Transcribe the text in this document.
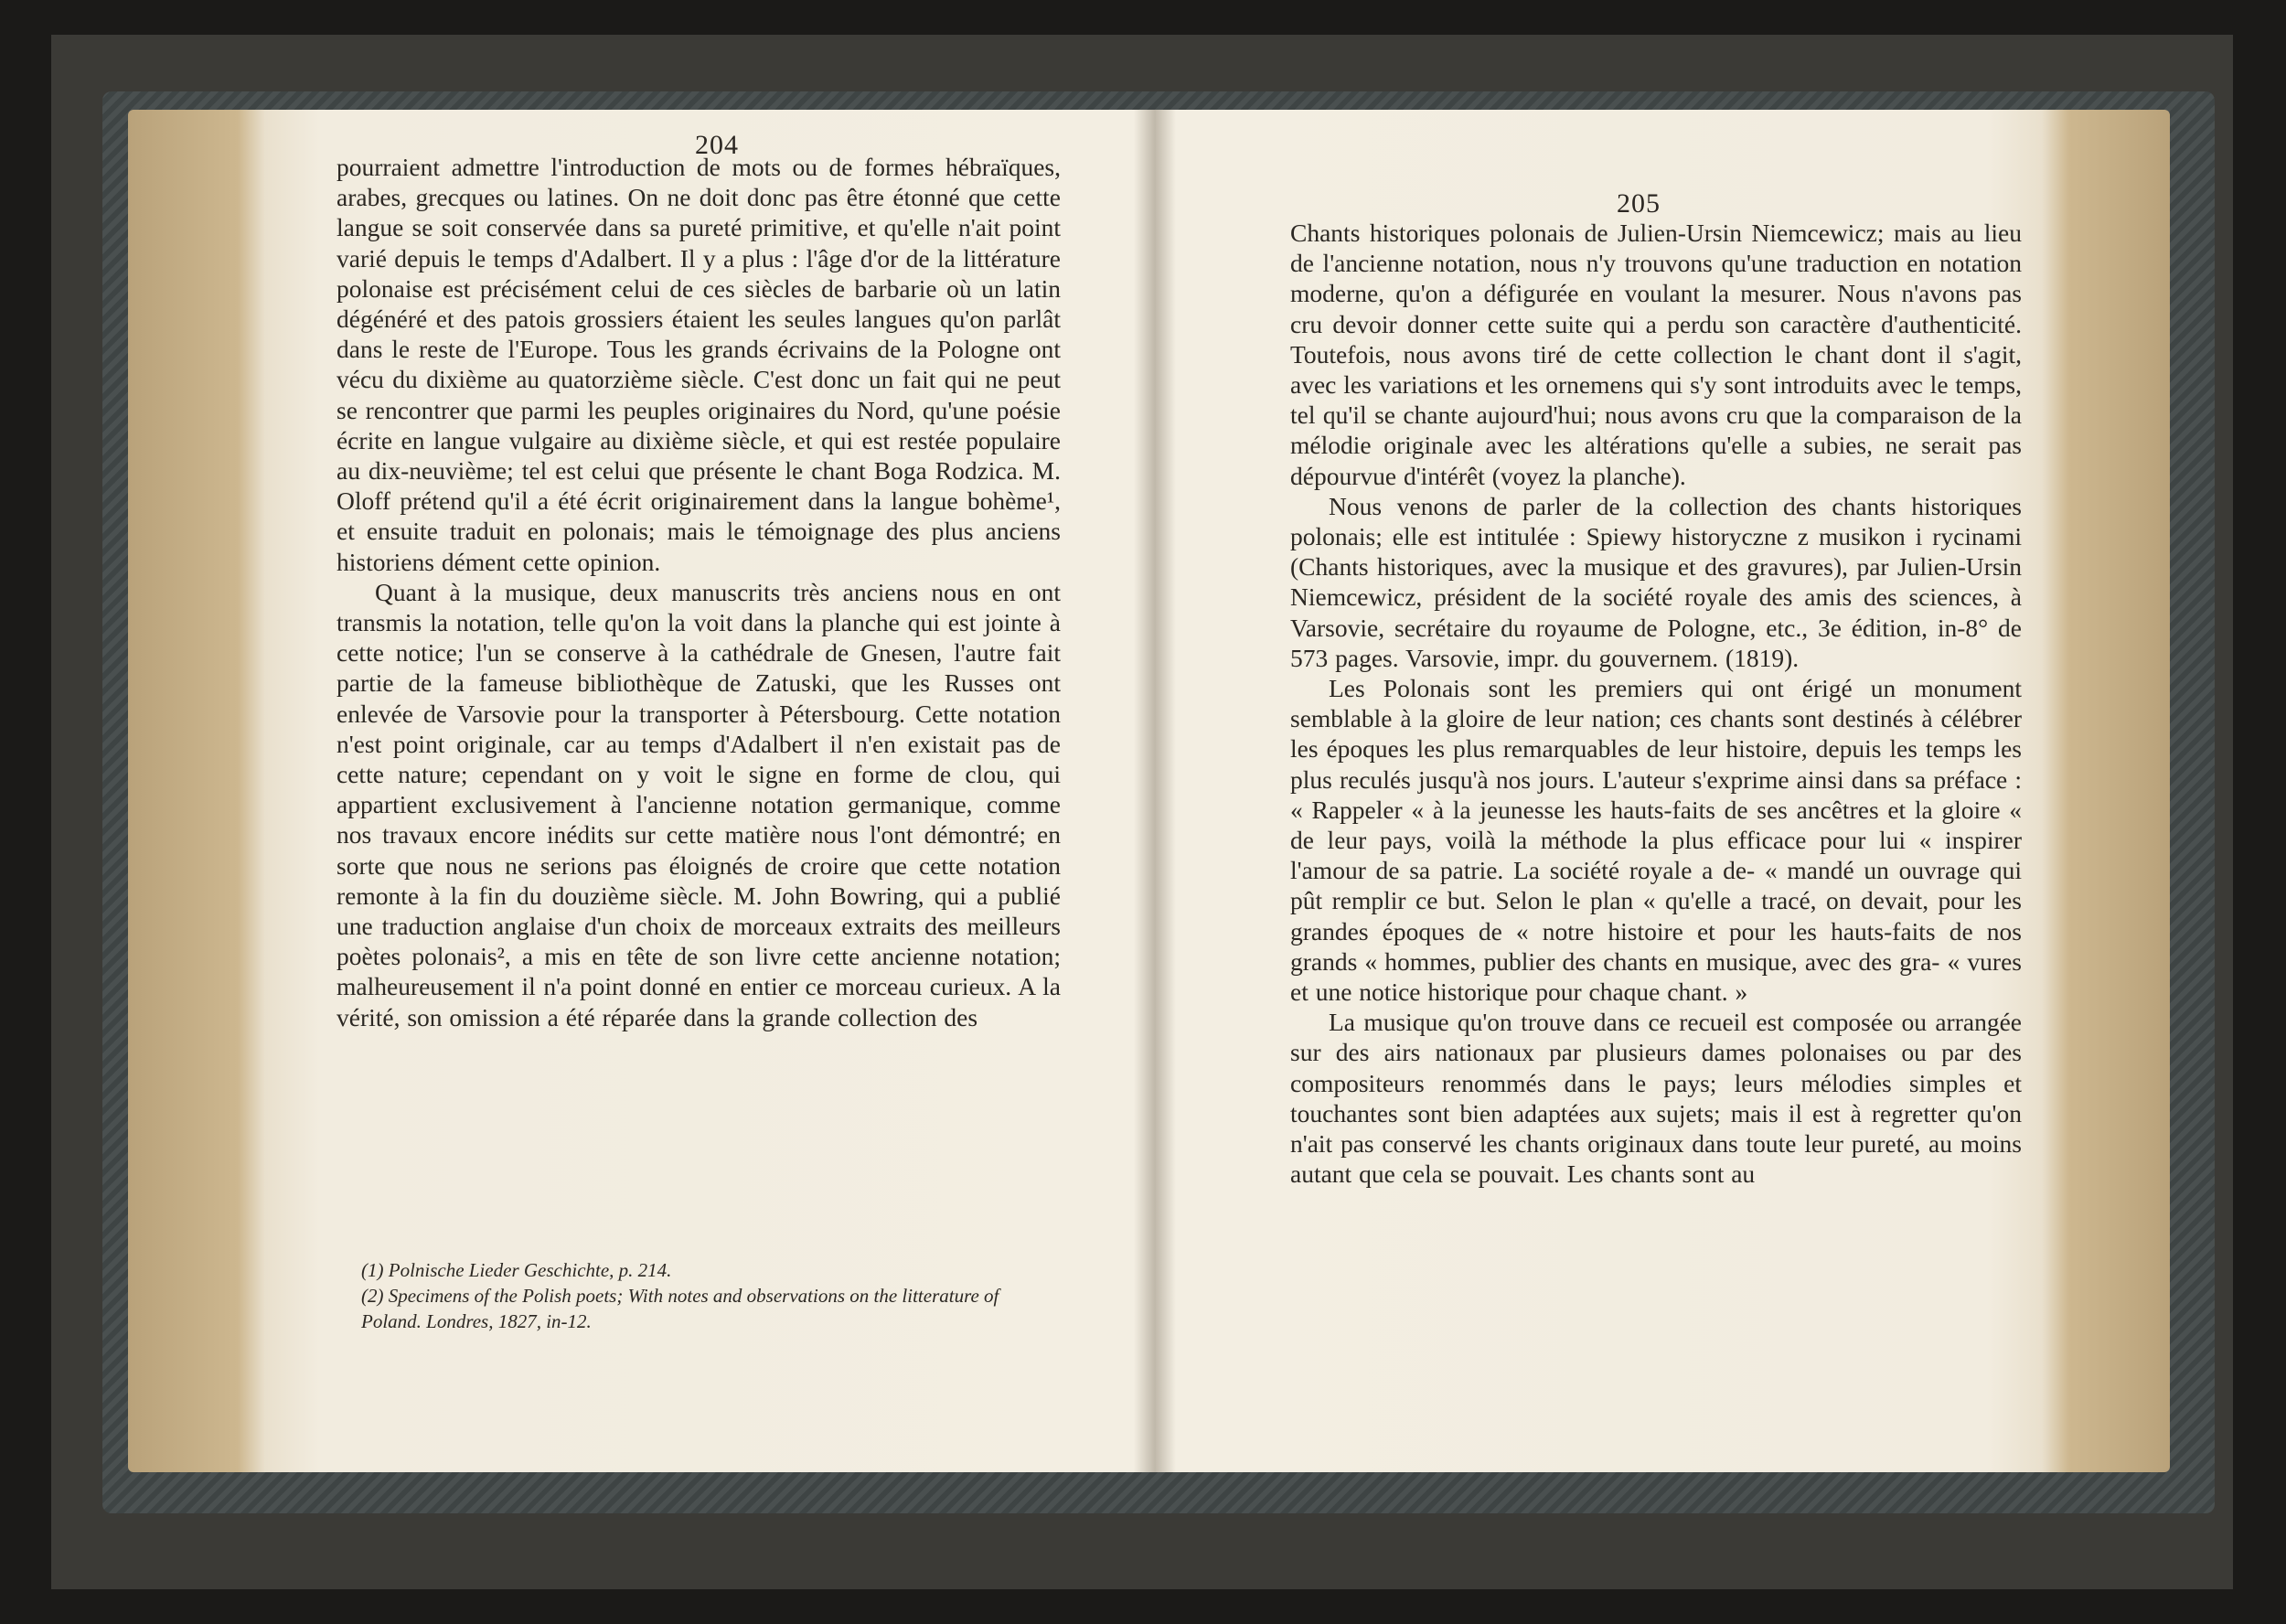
204

pourraient admettre l'introduction de mots ou de formes hébraïques, arabes, grecques ou latines. On ne doit donc pas être étonné que cette langue se soit conservée dans sa pureté primitive, et qu'elle n'ait point varié depuis le temps d'Adalbert. Il y a plus : l'âge d'or de la littérature polonaise est précisément celui de ces siècles de barbarie où un latin dégénéré et des patois grossiers étaient les seules langues qu'on parlât dans le reste de l'Europe. Tous les grands écrivains de la Pologne ont vécu du dixième au quatorzième siècle. C'est donc un fait qui ne peut se rencontrer que parmi les peuples originaires du Nord, qu'une poésie écrite en langue vulgaire au dixième siècle, et qui est restée populaire au dix-neuvième; tel est celui que présente le chant Boga Rodzica. M. Oloff prétend qu'il a été écrit originairement dans la langue bohème¹, et ensuite traduit en polonais; mais le témoignage des plus anciens historiens dément cette opinion.

Quant à la musique, deux manuscrits très anciens nous en ont transmis la notation, telle qu'on la voit dans la planche qui est jointe à cette notice; l'un se conserve à la cathédrale de Gnesen, l'autre fait partie de la fameuse bibliothèque de Zatuski, que les Russes ont enlevée de Varsovie pour la transporter à Pétersbourg. Cette notation n'est point originale, car au temps d'Adalbert il n'en existait pas de cette nature; cependant on y voit le signe en forme de clou, qui appartient exclusivement à l'ancienne notation germanique, comme nos travaux encore inédits sur cette matière nous l'ont démontré; en sorte que nous ne serions pas éloignés de croire que cette notation remonte à la fin du douzième siècle. M. John Bowring, qui a publié une traduction anglaise d'un choix de morceaux extraits des meilleurs poètes polonais², a mis en tête de son livre cette ancienne notation; malheureusement il n'a point donné en entier ce morceau curieux. A la vérité, son omission a été réparée dans la grande collection des

(1) Polnische Lieder Geschichte, p. 214.

(2) Specimens of the Polish poets; With notes and observations on the litterature of Poland. Londres, 1827, in-12.

205

Chants historiques polonais de Julien-Ursin Niemcewicz; mais au lieu de l'ancienne notation, nous n'y trouvons qu'une traduction en notation moderne, qu'on a défigurée en voulant la mesurer. Nous n'avons pas cru devoir donner cette suite qui a perdu son caractère d'authenticité. Toutefois, nous avons tiré de cette collection le chant dont il s'agit, avec les variations et les ornemens qui s'y sont introduits avec le temps, tel qu'il se chante aujourd'hui; nous avons cru que la comparaison de la mélodie originale avec les altérations qu'elle a subies, ne serait pas dépourvue d'intérêt (voyez la planche).

Nous venons de parler de la collection des chants historiques polonais; elle est intitulée : Spiewy historyczne z musikon i rycinami (Chants historiques, avec la musique et des gravures), par Julien-Ursin Niemcewicz, président de la société royale des amis des sciences, à Varsovie, secrétaire du royaume de Pologne, etc., 3e édition, in-8° de 573 pages. Varsovie, impr. du gouvernem. (1819).

Les Polonais sont les premiers qui ont érigé un monument semblable à la gloire de leur nation; ces chants sont destinés à célébrer les époques les plus remarquables de leur histoire, depuis les temps les plus reculés jusqu'à nos jours. L'auteur s'exprime ainsi dans sa préface : « Rappeler « à la jeunesse les hauts-faits de ses ancêtres et la gloire « de leur pays, voilà la méthode la plus efficace pour lui « inspirer l'amour de sa patrie. La société royale a de- « mandé un ouvrage qui pût remplir ce but. Selon le plan « qu'elle a tracé, on devait, pour les grandes époques de « notre histoire et pour les hauts-faits de nos grands « hommes, publier des chants en musique, avec des gra- « vures et une notice historique pour chaque chant. »

La musique qu'on trouve dans ce recueil est composée ou arrangée sur des airs nationaux par plusieurs dames polonaises ou par des compositeurs renommés dans le pays; leurs mélodies simples et touchantes sont bien adaptées aux sujets; mais il est à regretter qu'on n'ait pas conservé les chants originaux dans toute leur pureté, au moins autant que cela se pouvait. Les chants sont au
